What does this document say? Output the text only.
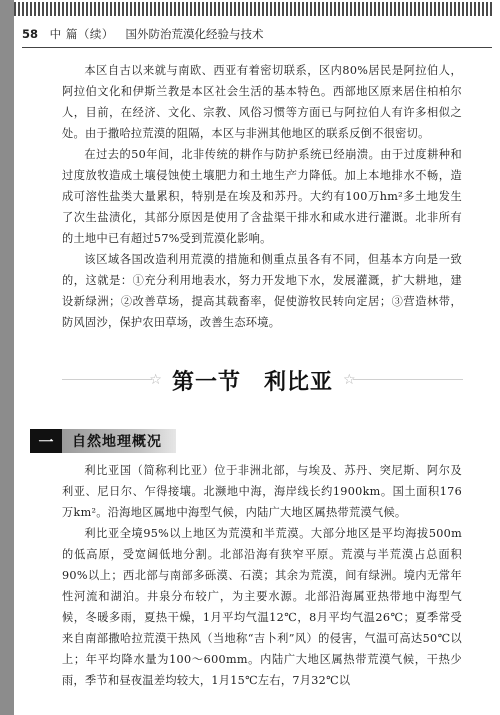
58 中 篇（续） 国外防治荒漠化经验与技术

本区自古以来就与南欧、西亚有着密切联系，区内80%居民是阿拉伯人，阿拉伯文化和伊斯兰教是本区社会生活的基本特色。西部地区原来居住柏柏尔人，目前，在经济、文化、宗教、风俗习惯等方面已与阿拉伯人有许多相似之处。由于撒哈拉荒漠的阻隔，本区与非洲其他地区的联系反倒不很密切。

在过去的50年间，北非传统的耕作与防护系统已经崩溃。由于过度耕种和过度放牧造成土壤侵蚀使土壤肥力和土地生产力降低。加上本地排水不畅，造成可溶性盐类大量累积，特别是在埃及和苏丹。大约有100万hm²多土地发生了次生盐渍化，其部分原因是使用了含盐渠干排水和咸水进行灌溉。北非所有的土地中已有超过57%受到荒漠化影响。

该区域各国改造利用荒漠的措施和侧重点虽各有不同，但基本方向是一致的，这就是：①充分利用地表水，努力开发地下水，发展灌溉，扩大耕地，建设新绿洲；②改善草场，提高其载畜率，促使游牧民转向定居；③营造林带，防风固沙，保护农田草场，改善生态环境。

☆ 第一节　利比亚 ☆
一	自然地理概况

利比亚国（简称利比亚）位于非洲北部，与埃及、苏丹、突尼斯、阿尔及利亚、尼日尔、乍得接壤。北濒地中海，海岸线长约1900km。国土面积176万km²。沿海地区属地中海型气候，内陆广大地区属热带荒漠气候。

利比亚全境95%以上地区为荒漠和半荒漠。大部分地区是平均海拔500m的低高原，受宽阔低地分割。北部沿海有狭窄平原。荒漠与半荒漠占总面积90%以上；西北部与南部多砾漠、石漠；其余为荒漠，间有绿洲。境内无常年性河流和湖泊。井泉分布较广，为主要水源。北部沿海属亚热带地中海型气候，冬暖多雨，夏热干燥，1月平均气温12℃，8月平均气温26℃；夏季常受来自南部撒哈拉荒漠干热风（当地称“吉卜利”风）的侵害，气温可高达50℃以上；年平均降水量为100～600mm。内陆广大地区属热带荒漠气候，干热少雨，季节和昼夜温差均较大，1月15℃左右，7月32℃以
